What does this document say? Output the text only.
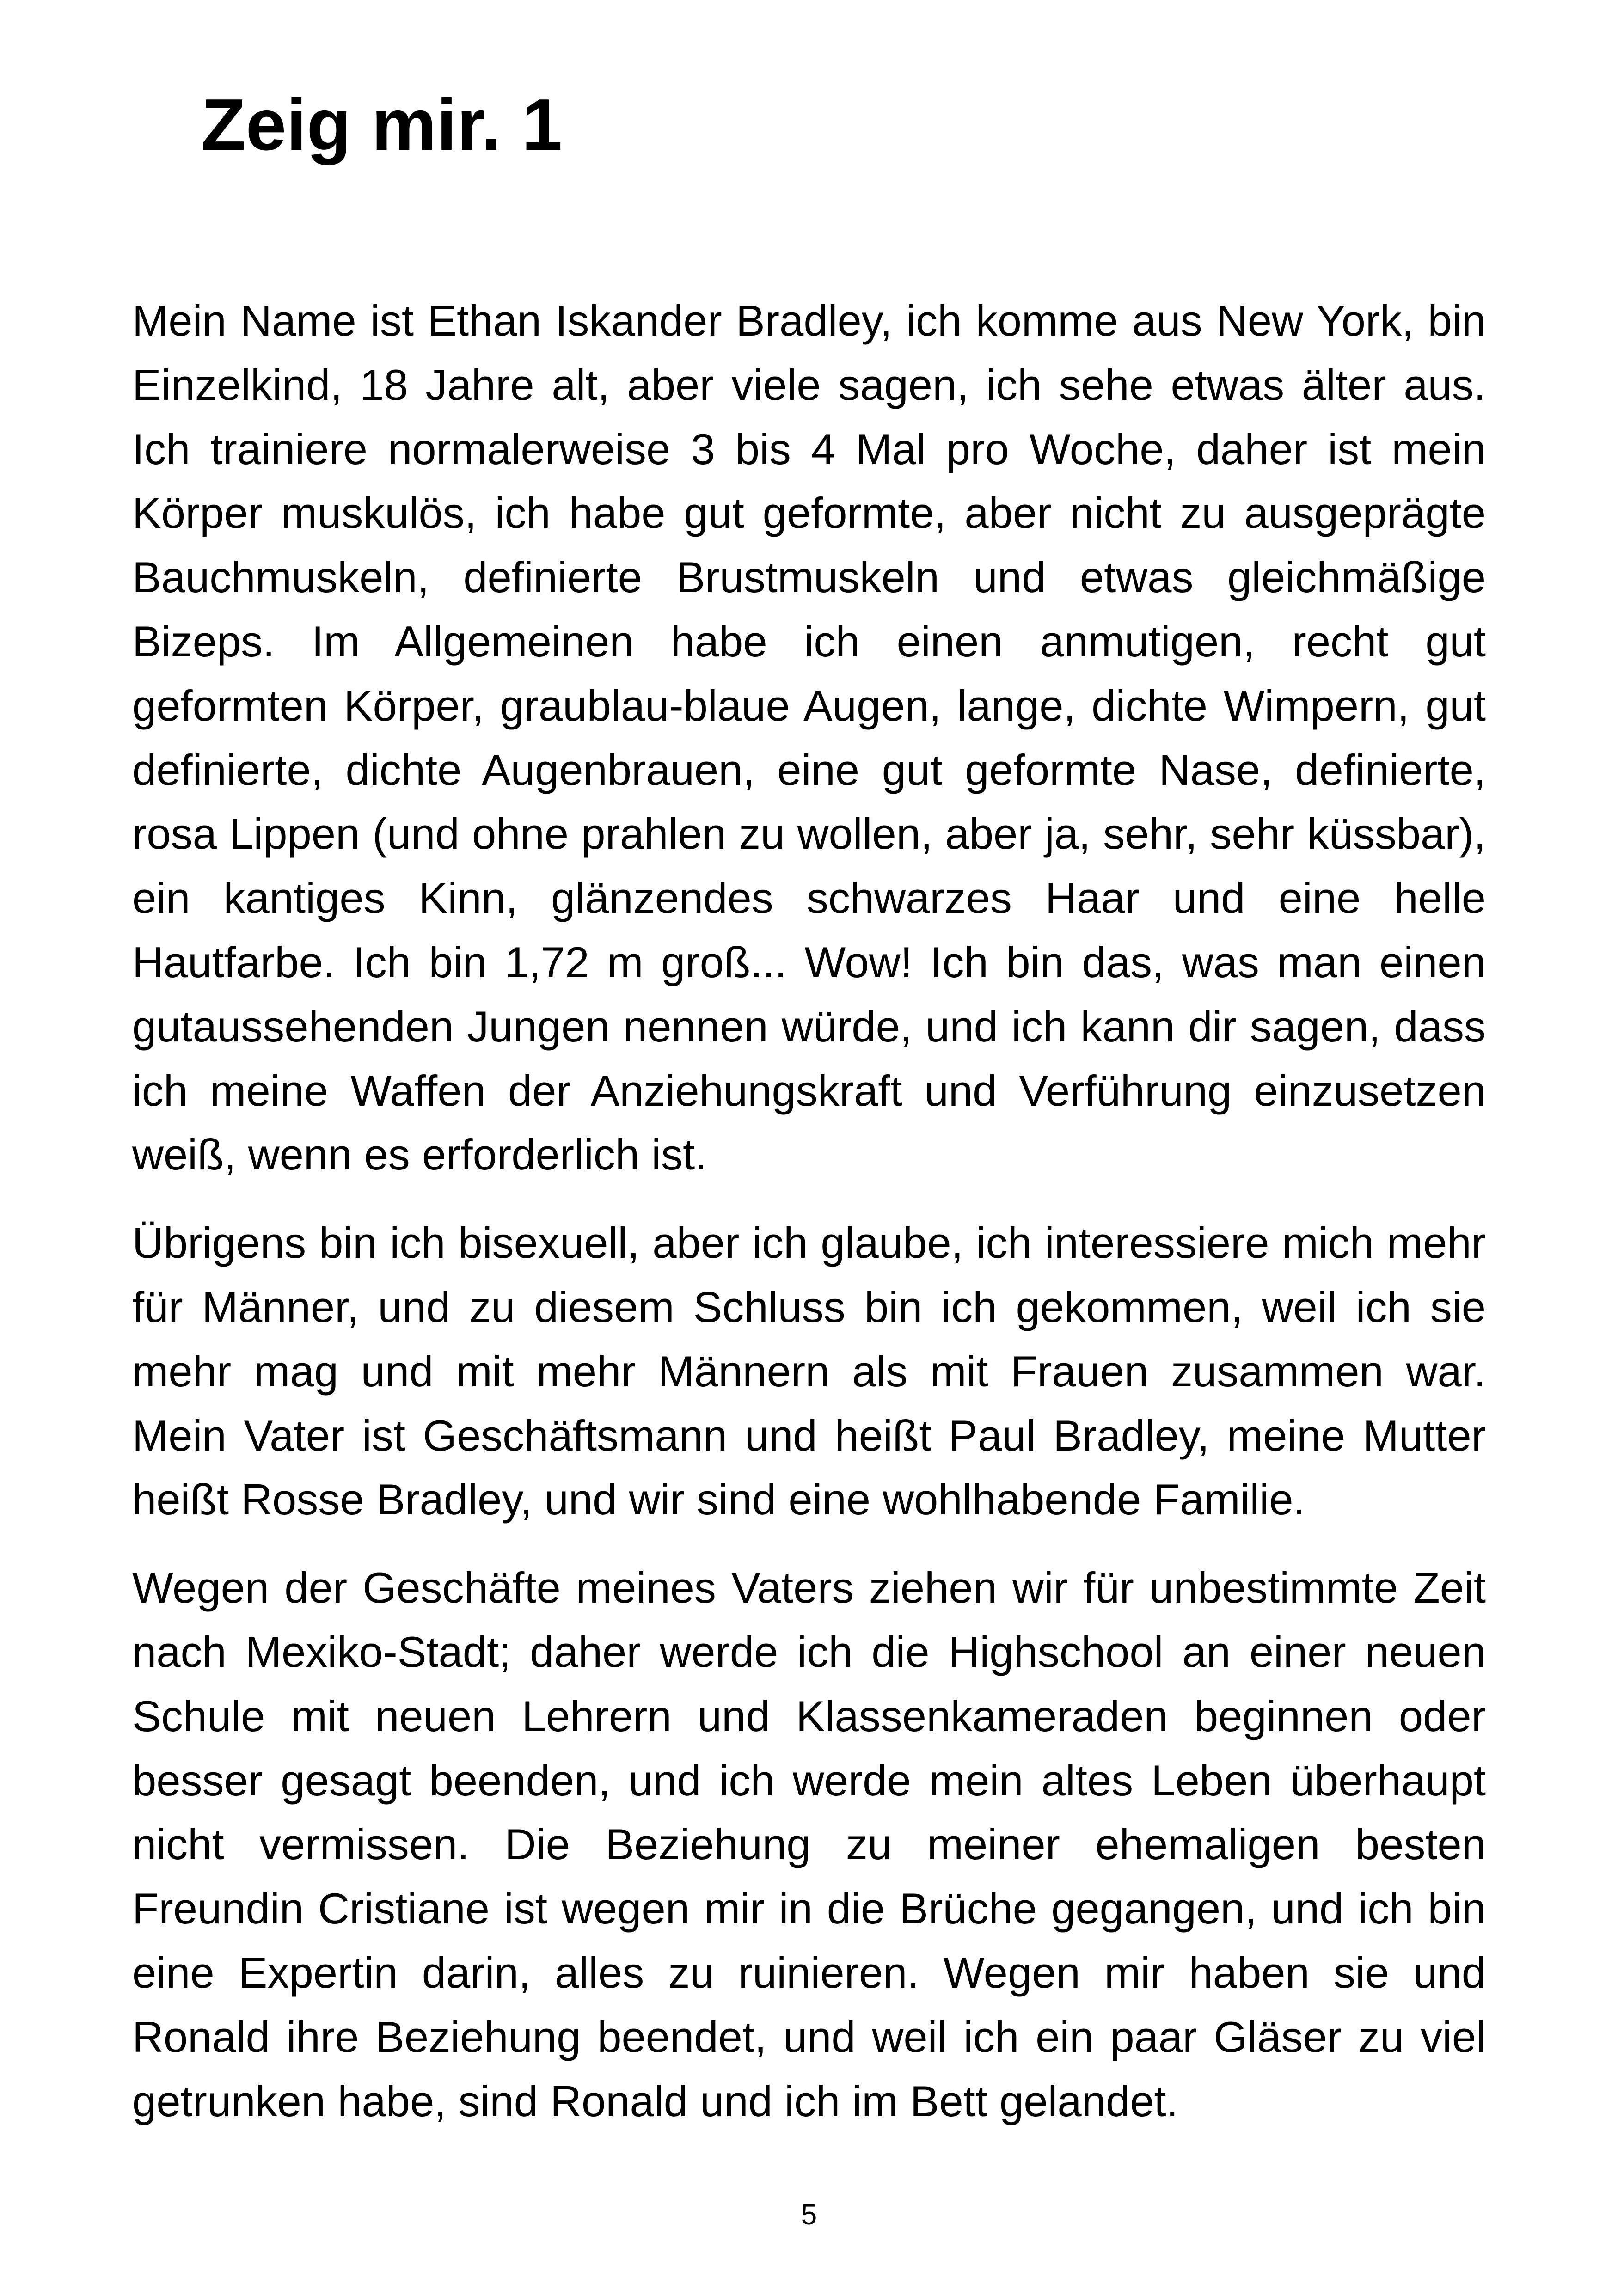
Zeig mir. 1

Mein Name ist Ethan Iskander Bradley, ich komme aus New York, bin Einzelkind, 18 Jahre alt, aber viele sagen, ich sehe etwas älter aus. Ich trainiere normalerweise 3 bis 4 Mal pro Woche, daher ist mein Körper muskulös, ich habe gut geformte, aber nicht zu ausgeprägte Bauchmuskeln, definierte Brustmuskeln und etwas gleichmäßige Bizeps. Im Allgemeinen habe ich einen anmutigen, recht gut geformten Körper, graublau-blaue Augen, lange, dichte Wimpern, gut definierte, dichte Augenbrauen, eine gut geformte Nase, definierte, rosa Lippen (und ohne prahlen zu wollen, aber ja, sehr, sehr küssbar), ein kantiges Kinn, glänzendes schwarzes Haar und eine helle Hautfarbe. Ich bin 1,72 m groß... Wow! Ich bin das, was man einen gutaussehenden Jungen nennen würde, und ich kann dir sagen, dass ich meine Waffen der Anziehungskraft und Verführung einzusetzen weiß, wenn es erforderlich ist.

Übrigens bin ich bisexuell, aber ich glaube, ich interessiere mich mehr für Männer, und zu diesem Schluss bin ich gekommen, weil ich sie mehr mag und mit mehr Männern als mit Frauen zusammen war. Mein Vater ist Geschäftsmann und heißt Paul Bradley, meine Mutter heißt Rosse Bradley, und wir sind eine wohlhabende Familie.

Wegen der Geschäfte meines Vaters ziehen wir für unbestimmte Zeit nach Mexiko-Stadt; daher werde ich die Highschool an einer neuen Schule mit neuen Lehrern und Klassenkameraden beginnen oder besser gesagt beenden, und ich werde mein altes Leben überhaupt nicht vermissen. Die Beziehung zu meiner ehemaligen besten Freundin Cristiane ist wegen mir in die Brüche gegangen, und ich bin eine Expertin darin, alles zu ruinieren. Wegen mir haben sie und Ronald ihre Beziehung beendet, und weil ich ein paar Gläser zu viel getrunken habe, sind Ronald und ich im Bett gelandet.

5
